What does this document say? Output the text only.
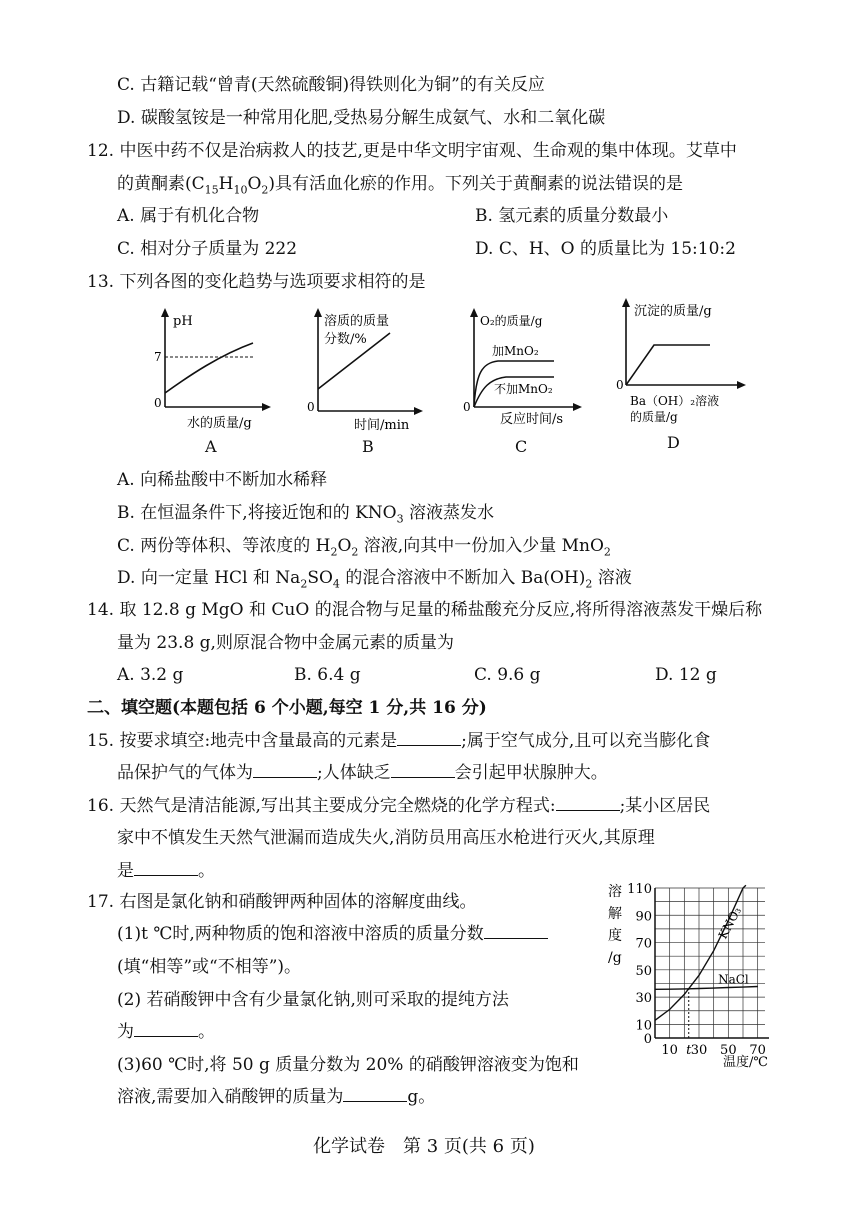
C. 古籍记载“曾青(天然硫酸铜)得铁则化为铜”的有关反应
D. 碳酸氢铵是一种常用化肥,受热易分解生成氨气、水和二氧化碳
12. 中医中药不仅是治病救人的技艺,更是中华文明宇宙观、生命观的集中体现。艾草中
的黄酮素$(C_{15}H_{10}O_2)$具有活血化瘀的作用。下列关于黄酮素的说法错误的是
A. 属于有机化合物	B. 氢元素的质量分数最小
C. 相对分子质量为 222	D. C、H、O 的质量比为 15:10:2
13. 下列各图的变化趋势与选项要求相符的是
pH
7
0
水的质量/g
A
溶质的质量
分数/%
0
时间/min
B
O₂的质量/g
加MnO₂
不加MnO₂
0
反应时间/s
C
沉淀的质量/g
0
Ba（OH）₂溶液
的质量/g
D
A. 向稀盐酸中不断加水稀释
B. 在恒温条件下,将接近饱和的 $KNO_3$ 溶液蒸发水
C. 两份等体积、等浓度的 $H_2O_2$ 溶液,向其中一份加入少量 MnO$_2$
D. 向一定量 HCl 和 $Na_2SO_4$ 的混合溶液中不断加入 $Ba(OH)_2$ 溶液
14. 取 12.8 g MgO 和 CuO 的混合物与足量的稀盐酸充分反应,将所得溶液蒸发干燥后称
量为 23.8 g,则原混合物中金属元素的质量为
A. 3.2 g	B. 6.4 g	C. 9.6 g	D. 12 g
二、填空题(本题包括 6 个小题,每空 1 分,共 16 分)
15. 按要求填空:地壳中含量最高的元素是	;属于空气成分,且可以充当膨化食
品保护气的气体为	;人体缺乏	会引起甲状腺肿大。
16. 天然气是清洁能源,写出其主要成分完全燃烧的化学方程式:	;某小区居民
家中不慎发生天然气泄漏而造成失火,消防员用高压水枪进行灭火,其原理
是	。
17. 右图是氯化钠和硝酸钾两种固体的溶解度曲线。
(1)t ℃时,两种物质的饱和溶液中溶质的质量分数
(填“相等”或“不相等”)。
(2) 若硝酸钾中含有少量氯化钠,则可采取的提纯方法
为	。
(3)60 ℃时,将 50 g 质量分数为 20% 的硝酸钾溶液变为饱和
溶液,需要加入硝酸钾的质量为	g。
溶
解
度
/g
110
90
70
50
30
10
0
10 t 30 50 70
温度/℃
KNO₃
NaCl
化学试卷　第 3 页(共 6 页)
